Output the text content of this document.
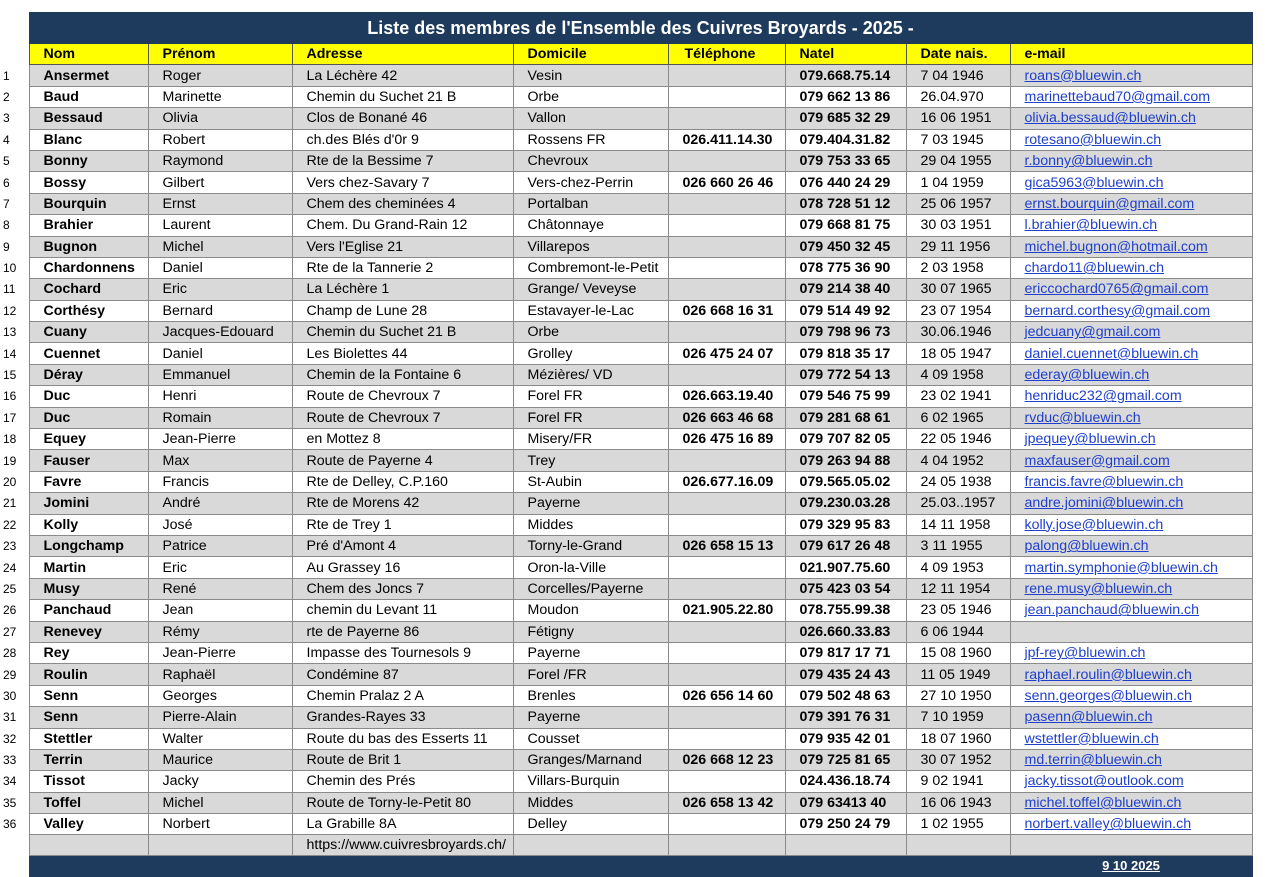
	Liste des membres de l'Ensemble des Cuivres Broyards - 2025 -							
	Nom	Prénom	Adresse	Domicile	Téléphone	Natel	Date nais.	e-mail
1	Ansermet	Roger	La Léchère 42	Vesin		079.668.75.14	7 04 1946	roans@bluewin.ch
2	Baud	Marinette	Chemin du Suchet 21 B	Orbe		079 662 13 86	26.04.970	marinettebaud70@gmail.com
3	Bessaud	Olivia	Clos de Bonané 46	Vallon		079 685 32 29	16 06 1951	olivia.bessaud@bluewin.ch
4	Blanc	Robert	ch.des Blés d'0r 9	Rossens FR	026.411.14.30	079.404.31.82	7 03 1945	rotesano@bluewin.ch
5	Bonny	Raymond	Rte de la Bessime 7	Chevroux		079 753 33 65	29 04 1955	r.bonny@bluewin.ch
6	Bossy	Gilbert	Vers chez-Savary 7	Vers-chez-Perrin	026 660 26 46	076 440 24 29	1 04 1959	gica5963@bluewin.ch
7	Bourquin	Ernst	Chem des cheminées 4	Portalban		078 728 51 12	25 06 1957	ernst.bourquin@gmail.com
8	Brahier	Laurent	Chem. Du Grand-Rain 12	Châtonnaye		079 668 81 75	30 03 1951	l.brahier@bluewin.ch
9	Bugnon	Michel	Vers l'Eglise 21	Villarepos		079 450 32 45	29 11 1956	michel.bugnon@hotmail.com
10	Chardonnens	Daniel	Rte de la Tannerie 2	Combremont-le-Petit		078 775 36 90	2 03 1958	chardo11@bluewin.ch
11	Cochard	Eric	La Léchère 1	Grange/ Veveyse		079 214 38 40	30 07 1965	ericcochard0765@gmail.com
12	Corthésy	Bernard	Champ de Lune 28	Estavayer-le-Lac	026 668 16 31	079 514 49 92	23 07 1954	bernard.corthesy@gmail.com
13	Cuany	Jacques-Edouard	Chemin du Suchet 21 B	Orbe		079 798 96 73	30.06.1946	jedcuany@gmail.com
14	Cuennet	Daniel	Les Biolettes 44	Grolley	026 475 24 07	079 818 35 17	18 05 1947	daniel.cuennet@bluewin.ch
15	Déray	Emmanuel	Chemin de la Fontaine 6	Mézières/ VD		079 772 54 13	4 09 1958	ederay@bluewin.ch
16	Duc	Henri	Route de Chevroux 7	Forel FR	026.663.19.40	079 546 75 99	23 02 1941	henriduc232@gmail.com
17	Duc	Romain	Route de Chevroux 7	Forel FR	026 663 46 68	079 281 68 61	6 02 1965	rvduc@bluewin.ch
18	Equey	Jean-Pierre	en Mottez 8	Misery/FR	026 475 16 89	079 707 82 05	22 05 1946	jpequey@bluewin.ch
19	Fauser	Max	Route de Payerne 4	Trey		079 263 94 88	4 04 1952	maxfauser@gmail.com
20	Favre	Francis	Rte de Delley, C.P.160	St-Aubin	026.677.16.09	079.565.05.02	24 05 1938	francis.favre@bluewin.ch
21	Jomini	André	Rte de Morens 42	Payerne		079.230.03.28	25.03..1957	andre.jomini@bluewin.ch
22	Kolly	José	Rte de Trey 1	Middes		079 329 95 83	14 11 1958	kolly.jose@bluewin.ch
23	Longchamp	Patrice	Pré d'Amont 4	Torny-le-Grand	026 658 15 13	079 617 26 48	3 11 1955	palong@bluewin.ch
24	Martin	Eric	Au Grassey 16	Oron-la-Ville		021.907.75.60	4 09 1953	martin.symphonie@bluewin.ch
25	Musy	René	Chem des Joncs 7	Corcelles/Payerne		075 423 03 54	12 11 1954	rene.musy@bluewin.ch
26	Panchaud	Jean	chemin du Levant 11	Moudon	021.905.22.80	078.755.99.38	23 05 1946	jean.panchaud@bluewin.ch
27	Renevey	Rémy	rte de Payerne 86	Fétigny		026.660.33.83	6 06 1944	
28	Rey	Jean-Pierre	Impasse des Tournesols 9	Payerne		079 817 17 71	15 08 1960	jpf-rey@bluewin.ch
29	Roulin	Raphaël	Condémine 87	Forel /FR		079 435 24 43	11 05 1949	raphael.roulin@bluewin.ch
30	Senn	Georges	Chemin Pralaz 2 A	Brenles	026 656 14 60	079 502 48 63	27 10 1950	senn.georges@bluewin.ch
31	Senn	Pierre-Alain	Grandes-Rayes 33	Payerne		079 391 76 31	7 10 1959	pasenn@bluewin.ch
32	Stettler	Walter	Route du bas des Esserts 11	Cousset		079 935 42 01	18 07 1960	wstettler@bluewin.ch
33	Terrin	Maurice	Route de Brit 1	Granges/Marnand	026 668 12 23	079 725 81 65	30 07 1952	md.terrin@bluewin.ch
34	Tissot	Jacky	Chemin des Prés	Villars-Burquin		024.436.18.74	9 02 1941	jacky.tissot@outlook.com
35	Toffel	Michel	Route de Torny-le-Petit 80	Middes	026 658 13 42	079 63413 40	16 06 1943	michel.toffel@bluewin.ch
36	Valley	Norbert	La Grabille 8A	Delley		079 250 24 79	1 02 1955	norbert.valley@bluewin.ch
			https://www.cuivresbroyards.ch/					
								9 10 2025
